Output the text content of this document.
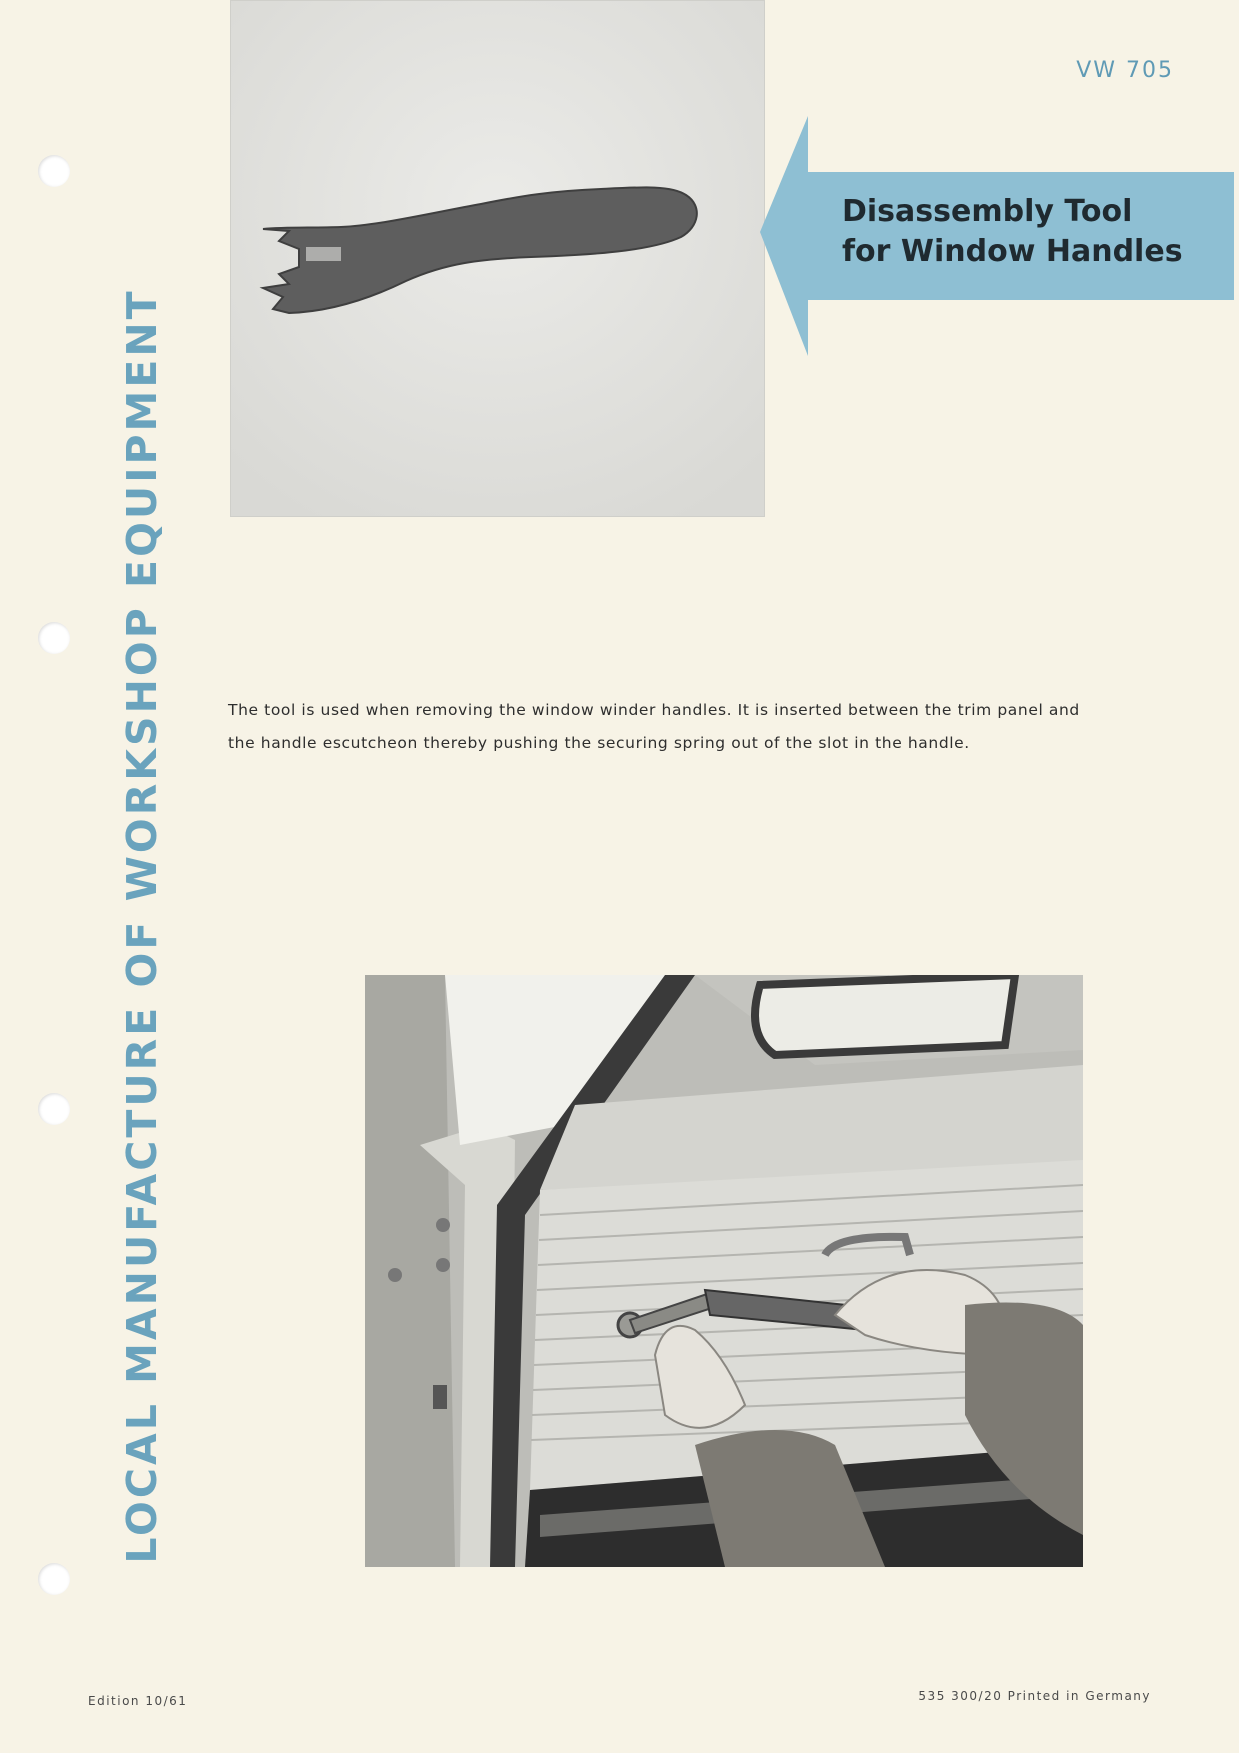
LOCAL MANUFACTURE OF WORKSHOP EQUIPMENT
VW 705
Disassembly Tool
for Window Handles
The tool is used when removing the window winder handles. It is inserted between the trim panel and
the handle escutcheon thereby pushing the securing spring out of the slot in the handle.
Edition 10/61	535 300/20 Printed in Germany
